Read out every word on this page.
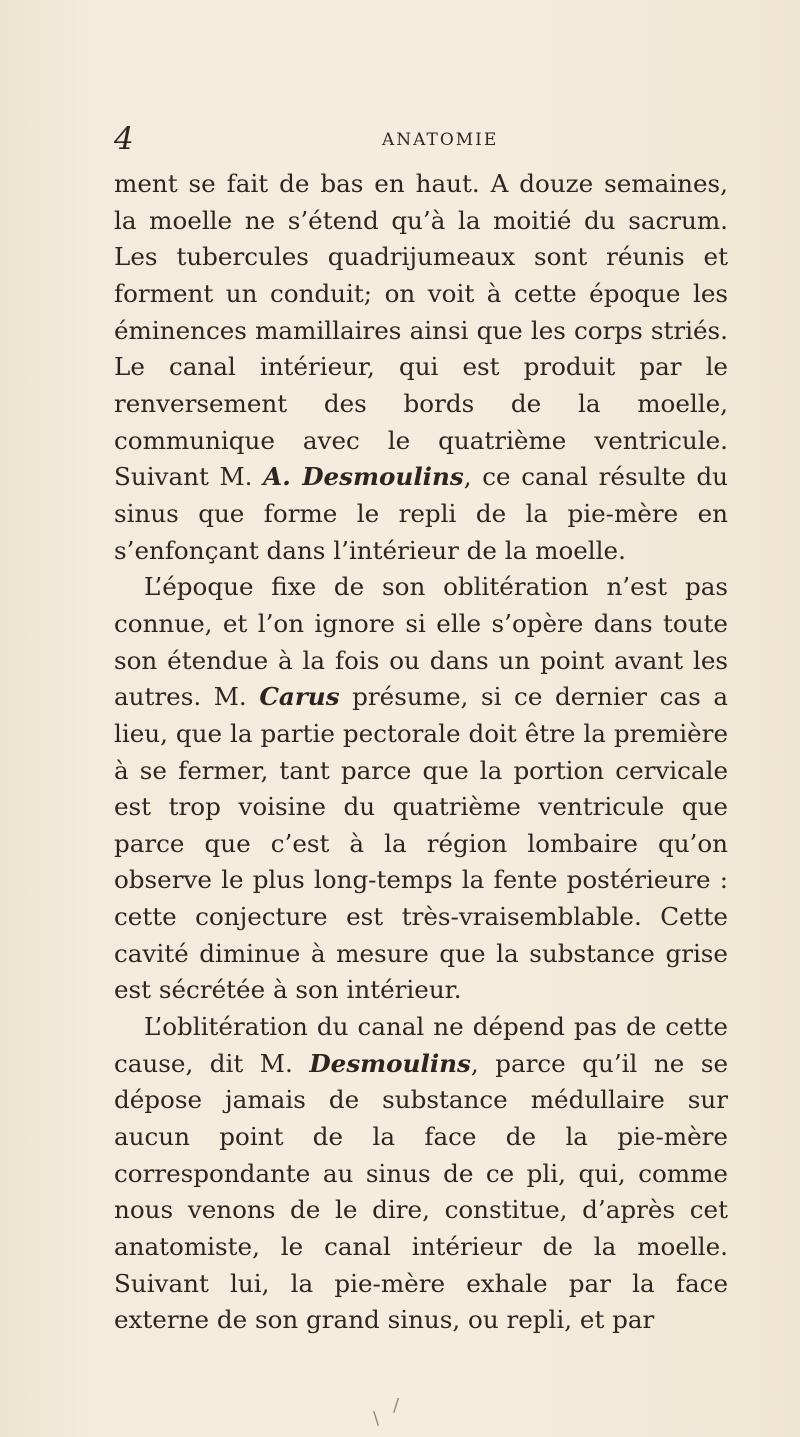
4	ANATOMIE

ment se fait de bas en haut. A douze semaines, la moelle ne s’étend qu’à la moitié du sacrum. Les tubercules quadrijumeaux sont réunis et forment un conduit; on voit à cette époque les éminences mamillaires ainsi que les corps striés. Le canal intérieur, qui est produit par le renversement des bords de la moelle, communique avec le quatrième ventricule. Suivant M. A. Desmoulins, ce canal résulte du sinus que forme le repli de la pie-mère en s’enfonçant dans l’intérieur de la moelle.

L’époque fixe de son oblitération n’est pas connue, et l’on ignore si elle s’opère dans toute son étendue à la fois ou dans un point avant les autres. M. Carus présume, si ce dernier cas a lieu, que la partie pectorale doit être la première à se fermer, tant parce que la portion cervicale est trop voisine du quatrième ventricule que parce que c’est à la région lombaire qu’on observe le plus long-temps la fente postérieure : cette conjecture est très-vraisemblable. Cette cavité diminue à mesure que la substance grise est sécrétée à son intérieur.

L’oblitération du canal ne dépend pas de cette cause, dit M. Desmoulins, parce qu’il ne se dépose jamais de substance médullaire sur aucun point de la face de la pie-mère correspondante au sinus de ce pli, qui, comme nous venons de le dire, constitue, d’après cet anatomiste, le canal intérieur de la moelle. Suivant lui, la pie-mère exhale par la face externe de son grand sinus, ou repli, et par

/
\
